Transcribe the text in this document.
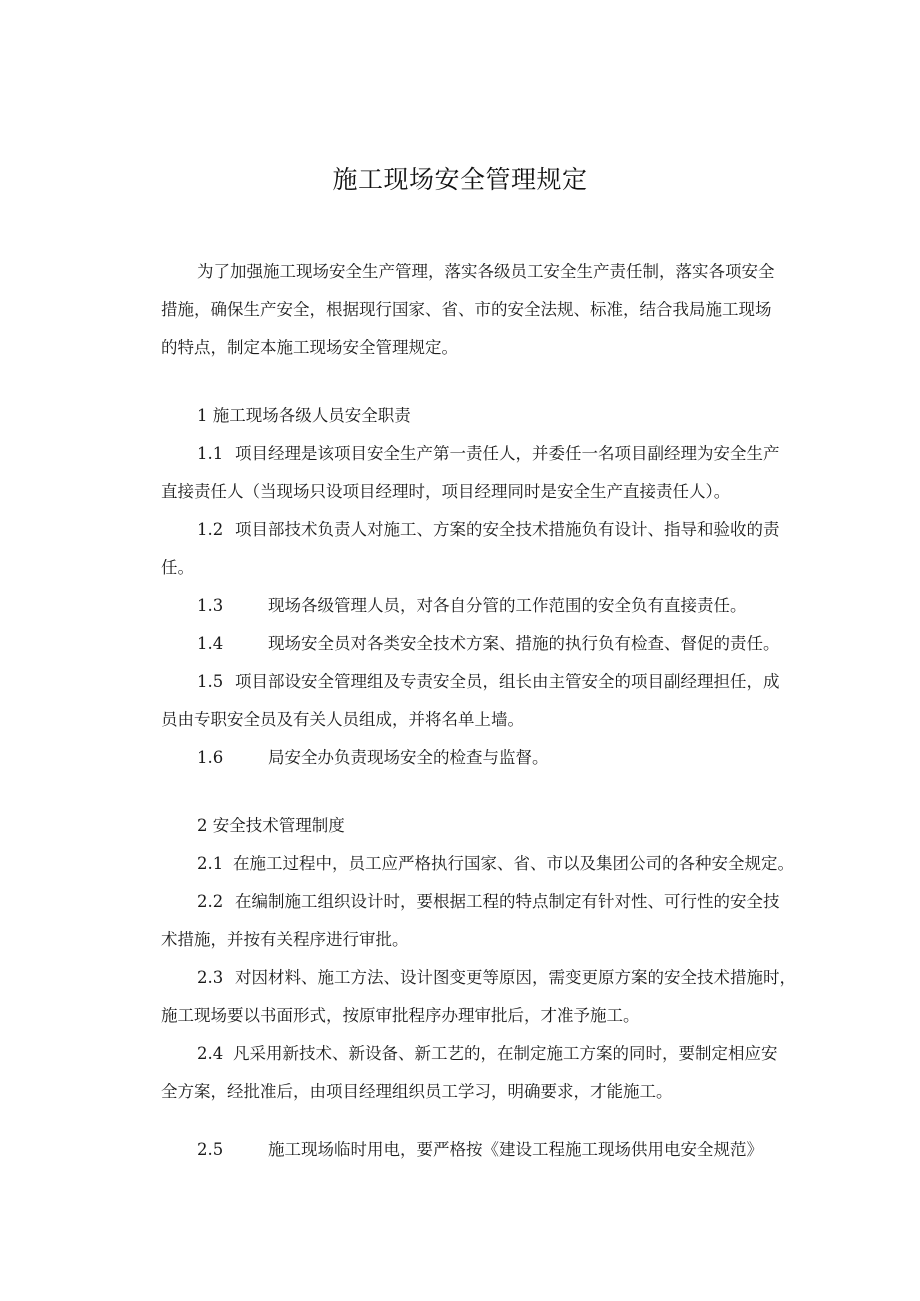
施工现场安全管理规定
为了加强施工现场安全生产管理，落实各级员工安全生产责任制，落实各项安全
措施，确保生产安全，根据现行国家、省、市的安全法规、标准，结合我局施工现场
的特点，制定本施工现场安全管理规定。
1 施工现场各级人员安全职责
1.1 项目经理是该项目安全生产第一责任人，并委任一名项目副经理为安全生产
直接责任人（当现场只设项目经理时，项目经理同时是安全生产直接责任人）。
1.2 项目部技术负责人对施工、方案的安全技术措施负有设计、指导和验收的责
任。
1.3	现场各级管理人员，对各自分管的工作范围的安全负有直接责任。
1.4	现场安全员对各类安全技术方案、措施的执行负有检查、督促的责任。
1.5 项目部设安全管理组及专责安全员，组长由主管安全的项目副经理担任，成
员由专职安全员及有关人员组成，并将名单上墙。
1.6	局安全办负责现场安全的检查与监督。
2 安全技术管理制度
2.1 在施工过程中，员工应严格执行国家、省、市以及集团公司的各种安全规定。
2.2 在编制施工组织设计时，要根据工程的特点制定有针对性、可行性的安全技
术措施，并按有关程序进行审批。
2.3 对因材料、施工方法、设计图变更等原因，需变更原方案的安全技术措施时，
施工现场要以书面形式，按原审批程序办理审批后，才准予施工。
2.4 凡采用新技术、新设备、新工艺的，在制定施工方案的同时，要制定相应安
全方案，经批准后，由项目经理组织员工学习，明确要求，才能施工。
2.5	施工现场临时用电，要严格按《建设工程施工现场供用电安全规范》
